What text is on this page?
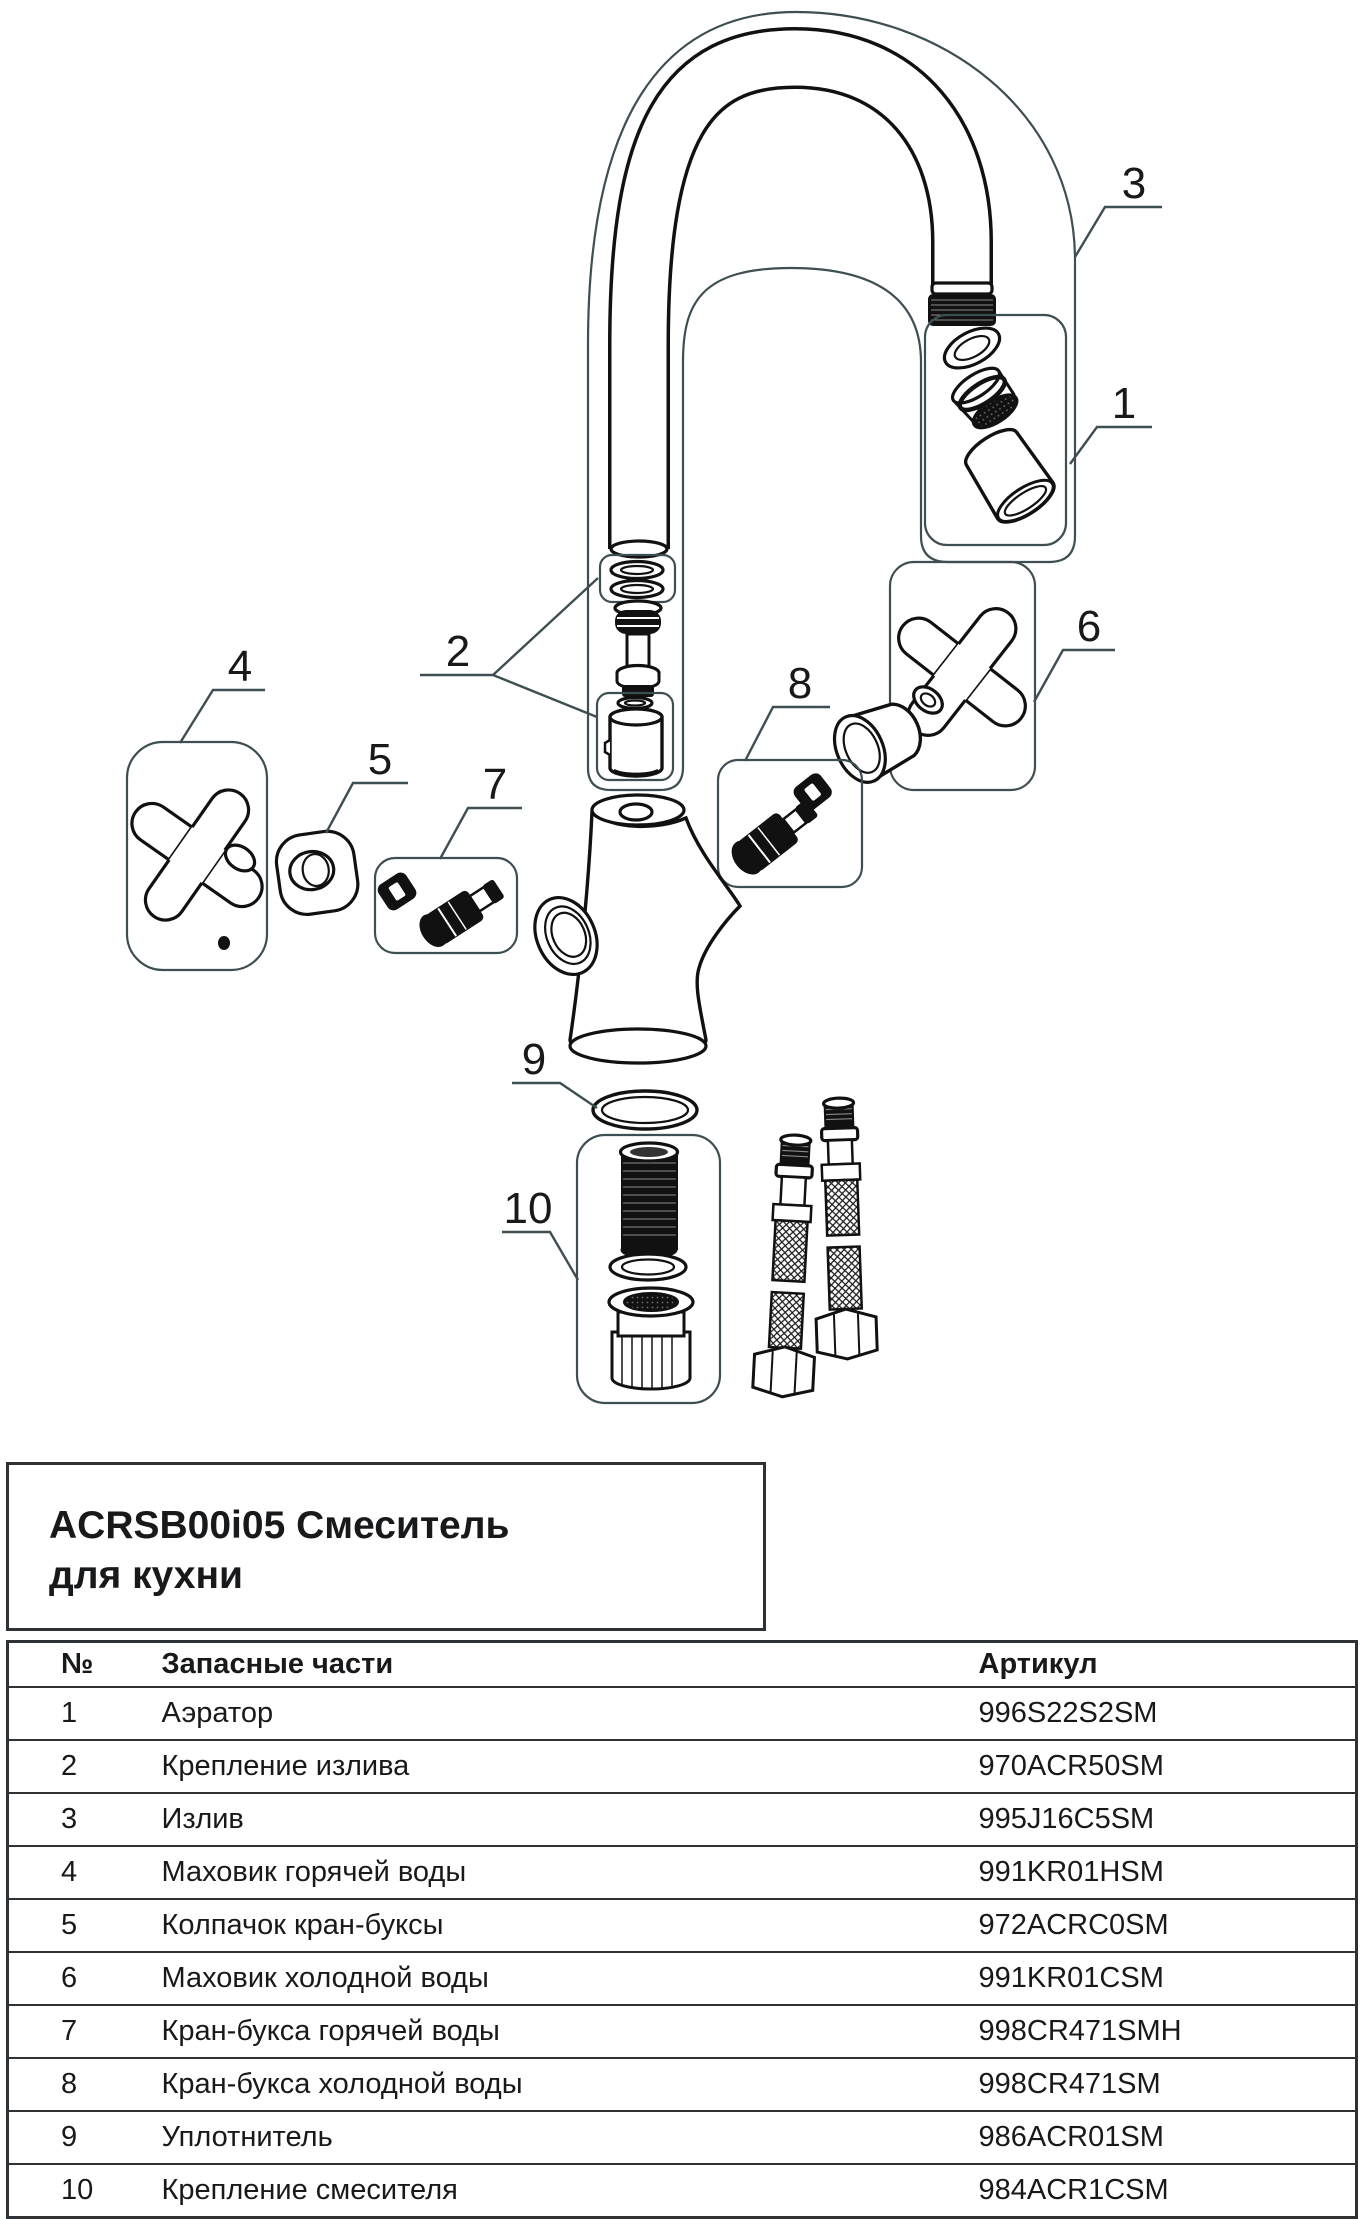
3
1
2
4
5
7
8
6
9
10
ACRSB00i05 Смеситель
для кухни
№	Запасные части	Артикул
1	Аэратор	996S22S2SM
2	Крепление излива	970ACR50SM
3	Излив	995J16C5SM
4	Маховик горячей воды	991KR01HSM
5	Колпачок кран-буксы	972ACRC0SM
6	Маховик холодной воды	991KR01CSM
7	Кран-букса горячей воды	998CR471SMH
8	Кран-букса холодной воды	998CR471SM
9	Уплотнитель	986ACR01SM
10	Крепление смесителя	984ACR1CSM
